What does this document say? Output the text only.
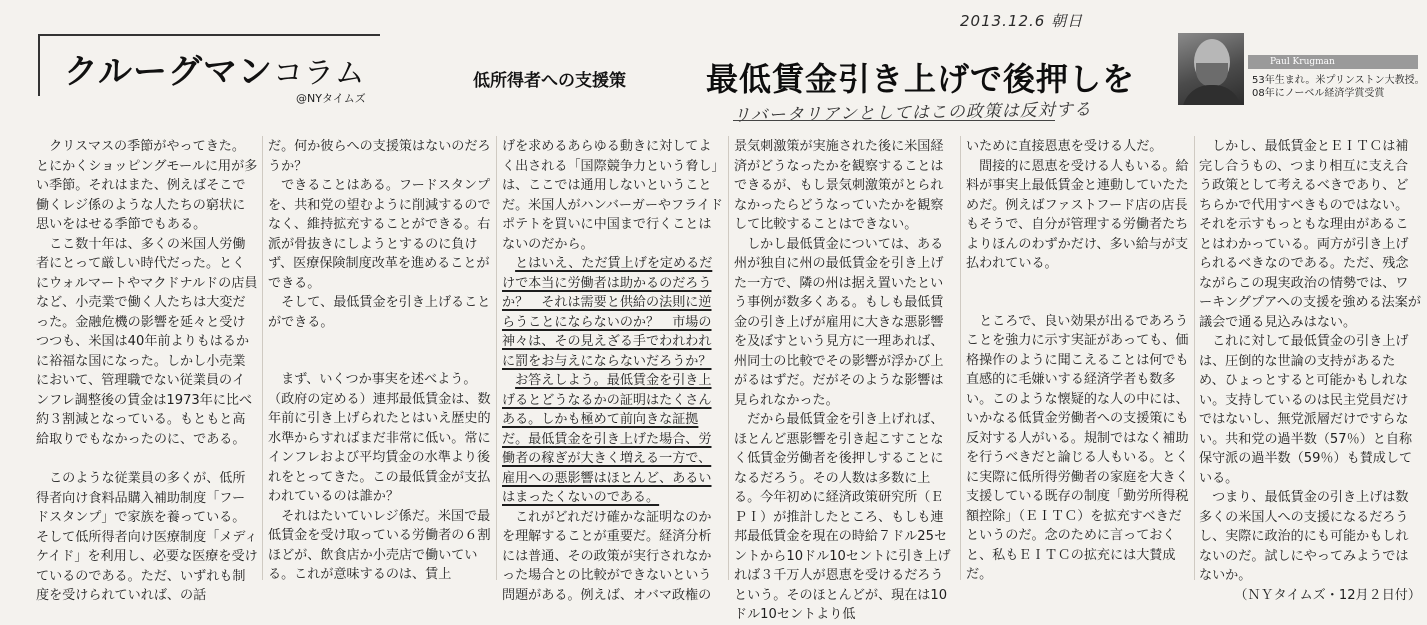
クルーグマンコラム
@NYタイムズ
低所得者への支援策	最低賃金引き上げで後押しを
2013.12.6 朝日
リバータリアンとしてはこの政策は反対する
Paul Krugman
53年生まれ。米プリンストン大教授。
08年にノーベル経済学賞受賞

クリスマスの季節がやってきた。とにかくショッピングモールに用が多い季節。それはまた、例えばそこで働くレジ係のような人たちの窮状に思いをはせる季節でもある。

ここ数十年は、多くの米国人労働者にとって厳しい時代だった。とくにウォルマートやマクドナルドの店員など、小売業で働く人たちは大変だった。金融危機の影響を延々と受けつつも、米国は40年前よりもはるかに裕福な国になった。しかし小売業において、管理職でない従業員のインフレ調整後の賃金は1973年に比べ約３割減となっている。もともと高給取りでもなかったのに、である。

このような従業員の多くが、低所得者向け食料品購入補助制度「フードスタンプ」で家族を養っている。そして低所得者向け医療制度「メディケイド」を利用し、必要な医療を受けているのである。ただ、いずれも制度を受けられていれば、の話

だ。何か彼らへの支援策はないのだろうか？

できることはある。フードスタンプを、共和党の望むように削減するのでなく、維持拡充することができる。右派が骨抜きにしようとするのに負けず、医療保険制度改革を進めることができる。

そして、最低賃金を引き上げることができる。

まず、いくつか事実を述べよう。（政府の定める）連邦最低賃金は、数年前に引き上げられたとはいえ歴史的水準からすればまだ非常に低い。常にインフレおよび平均賃金の水準より後れをとってきた。この最低賃金が支払われているのは誰か？

それはたいていレジ係だ。米国で最低賃金を受け取っている労働者の６割ほどが、飲食店か小売店で働いている。これが意味するのは、賃上

げを求めるあらゆる動きに対してよく出される「国際競争力という脅し」は、ここでは通用しないということだ。米国人がハンバーガーやフライドポテトを買いに中国まで行くことはないのだから。

とはいえ、ただ賃上げを定めるだけで本当に労働者は助かるのだろうか？　それは需要と供給の法則に逆らうことにならないのか？　市場の神々は、その見えざる手でわれわれに罰をお与えにならないだろうか？

お答えしよう。最低賃金を引き上げるとどうなるかの証明はたくさんある。しかも極めて前向きな証拠だ。最低賃金を引き上げた場合、労働者の稼ぎが大きく増える一方で、雇用への悪影響はほとんど、あるいはまったくないのである。

これがどれだけ確かな証明なのかを理解することが重要だ。経済分析には普通、その政策が実行されなかった場合との比較ができないという問題がある。例えば、オバマ政権の

景気刺激策が実施された後に米国経済がどうなったかを観察することはできるが、もし景気刺激策がとられなかったらどうなっていたかを観察して比較することはできない。

しかし最低賃金については、ある州が独自に州の最低賃金を引き上げた一方で、隣の州は据え置いたという事例が数多くある。もしも最低賃金の引き上げが雇用に大きな悪影響を及ぼすという見方に一理あれば、州同士の比較でその影響が浮かび上がるはずだ。だがそのような影響は見られなかった。

だから最低賃金を引き上げれば、ほとんど悪影響を引き起こすことなく低賃金労働者を後押しすることになるだろう。その人数は多数に上る。今年初めに経済政策研究所（ＥＰＩ）が推計したところ、もしも連邦最低賃金を現在の時給７ドル25セントから10ドル10セントに引き上げれば３千万人が恩恵を受けるだろうという。そのほとんどが、現在は10ドル10セントより低

いために直接恩恵を受ける人だ。

間接的に恩恵を受ける人もいる。給料が事実上最低賃金と連動していたためだ。例えばファストフード店の店長もそうで、自分が管理する労働者たちよりほんのわずかだけ、多い給与が支払われている。

ところで、良い効果が出るであろうことを強力に示す実証があっても、価格操作のように聞こえることは何でも直感的に毛嫌いする経済学者も数多い。このような懐疑的な人の中には、いかなる低賃金労働者への支援策にも反対する人がいる。規制ではなく補助を行うべきだと論じる人もいる。とくに実際に低所得労働者の家庭を大きく支援している既存の制度「勤労所得税額控除」（ＥＩＴＣ）を拡充すべきだというのだ。念のために言っておくと、私もＥＩＴＣの拡充には大賛成だ。

しかし、最低賃金とＥＩＴＣは補完し合うもの、つまり相互に支え合う政策として考えるべきであり、どちらかで代用すべきものではない。それを示すもっともな理由があることはわかっている。両方が引き上げられるべきなのである。ただ、残念ながらこの現実政治の情勢では、ワーキングプアへの支援を強める法案が議会で通る見込みはない。

これに対して最低賃金の引き上げは、圧倒的な世論の支持があるため、ひょっとすると可能かもしれない。支持しているのは民主党員だけではないし、無党派層だけですらない。共和党の過半数（57％）と自称保守派の過半数（59％）も賛成している。

つまり、最低賃金の引き上げは数多くの米国人への支援になるだろうし、実際に政治的にも可能かもしれないのだ。試しにやってみようではないか。

（ＮＹタイムズ・12月２日付）
